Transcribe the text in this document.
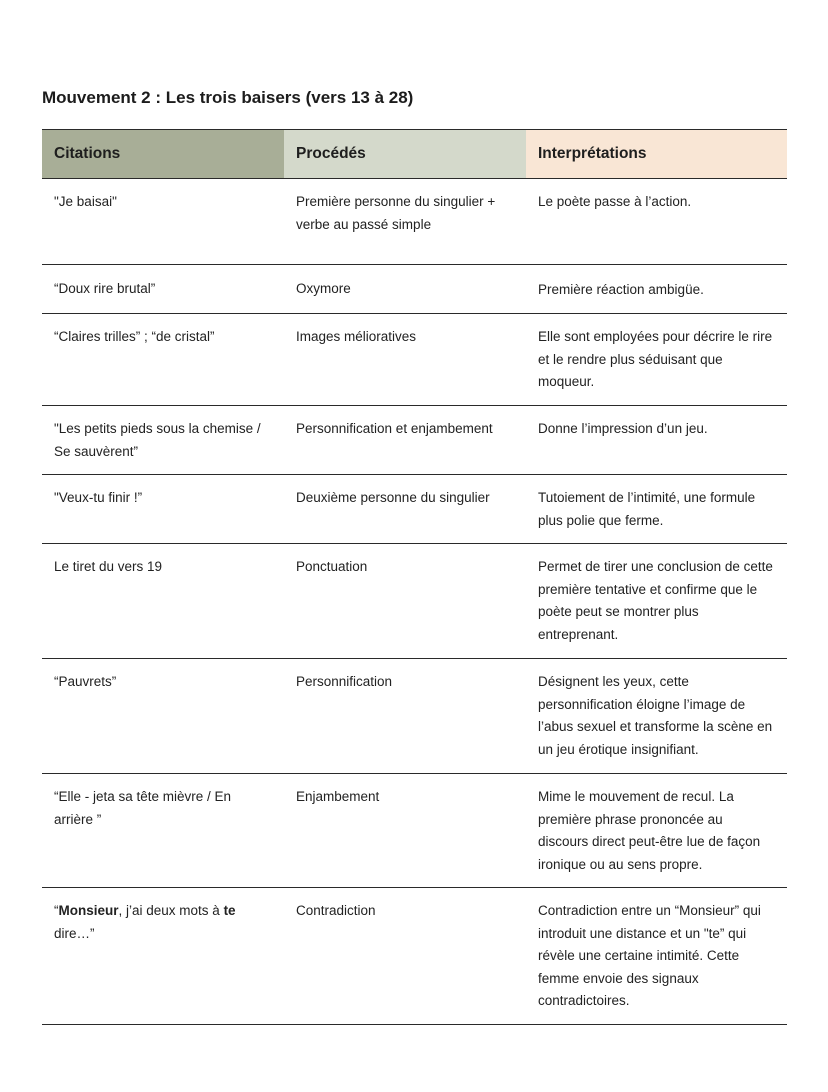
Mouvement 2 : Les trois baisers (vers 13 à 28)
Citations	Procédés	Interprétations
"Je baisai"	Première personne du singulier + verbe au passé simple	Le poète passe à l’action.
“Doux rire brutal”	Oxymore	Première réaction ambigüe.
“Claires trilles” ; “de cristal”	Images mélioratives	Elle sont employées pour décrire le rire et le rendre plus séduisant que moqueur.
"Les petits pieds sous la chemise / Se sauvèrent”	Personnification et enjambement	Donne l’impression d’un jeu.
"Veux-tu finir !”	Deuxième personne du singulier	Tutoiement de l’intimité, une formule plus polie que ferme.
Le tiret du vers 19	Ponctuation	Permet de tirer une conclusion de cette première tentative et confirme que le poète peut se montrer plus entreprenant.
“Pauvrets”	Personnification	Désignent les yeux, cette personnification éloigne l’image de l’abus sexuel et transforme la scène en un jeu érotique insignifiant.
“Elle - jeta sa tête mièvre / En arrière ”	Enjambement	Mime le mouvement de recul. La première phrase prononcée au discours direct peut-être lue de façon ironique ou au sens propre.
“Monsieur, j’ai deux mots à te dire…”	Contradiction	Contradiction entre un “Monsieur” qui introduit une distance et un "te” qui révèle une certaine intimité. Cette femme envoie des signaux contradictoires.
